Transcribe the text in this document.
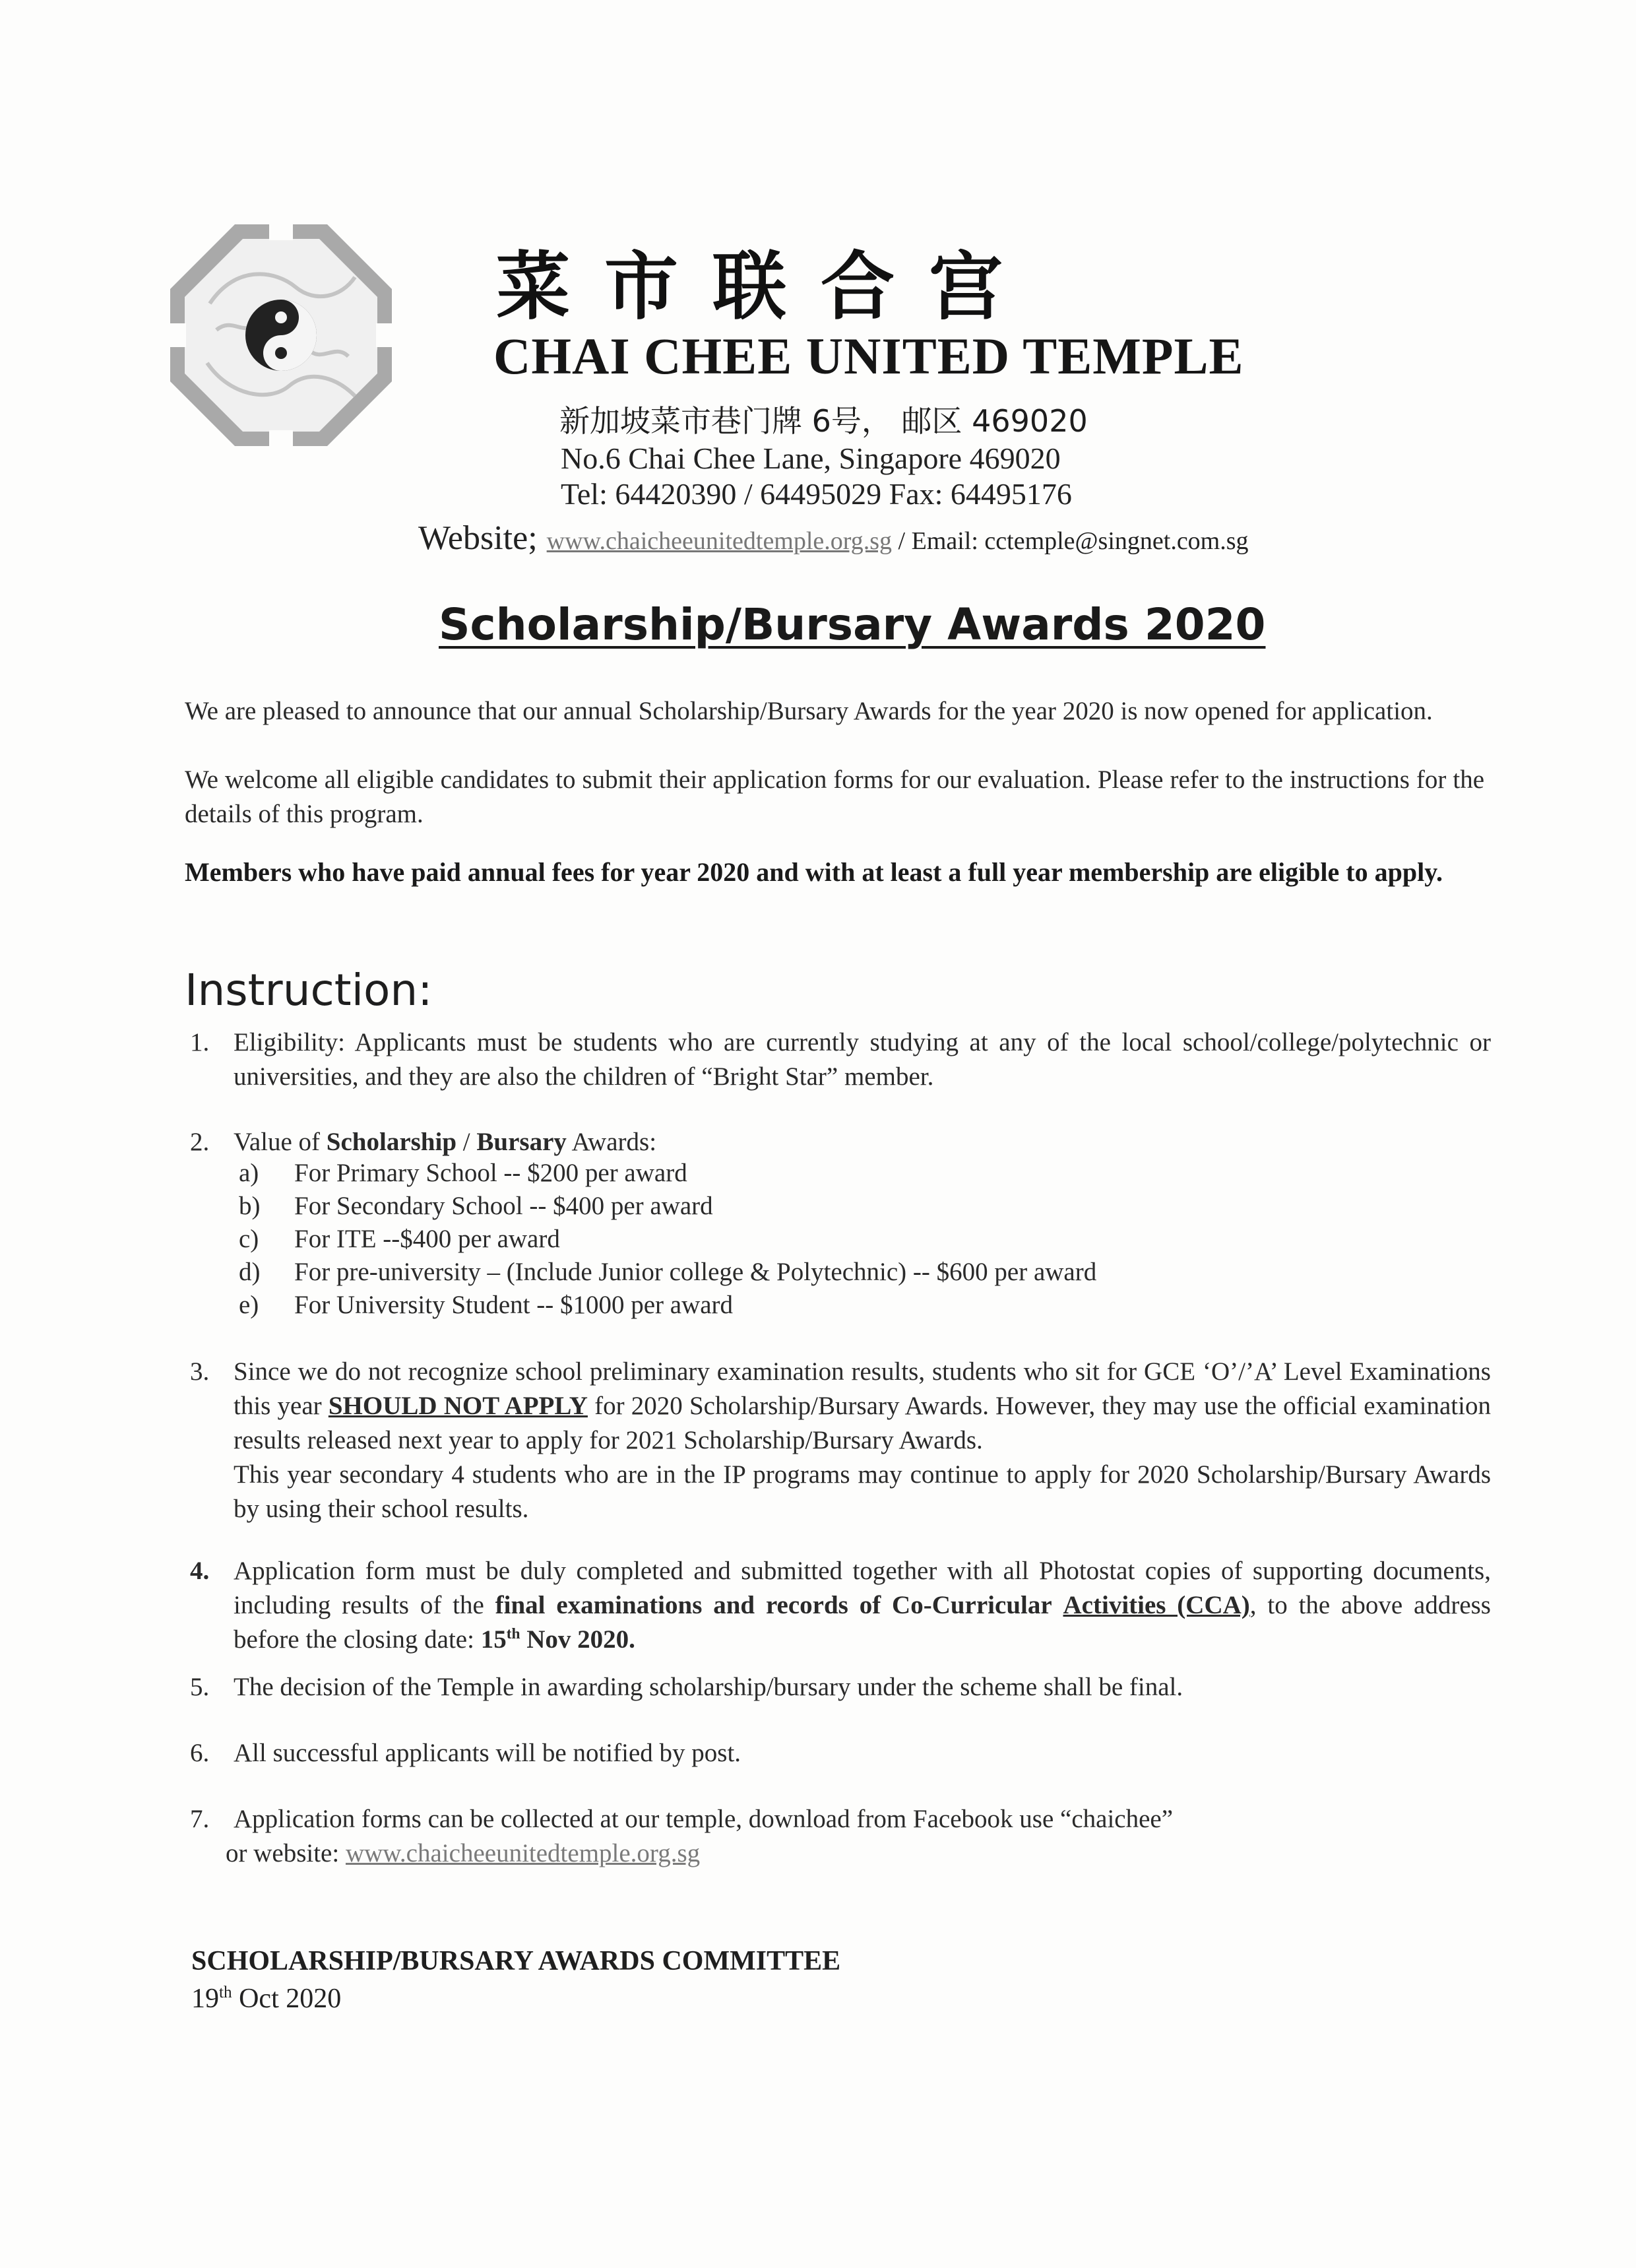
菜市联合宫
CHAI CHEE UNITED TEMPLE
新加坡菜市巷门牌 6号， 邮区 469020
No.6 Chai Chee Lane, Singapore 469020
Tel: 64420390 / 64495029 Fax: 64495176
Website; www.chaicheeunitedtemple.org.sg / Email: cctemple@singnet.com.sg
Scholarship/Bursary Awards 2020
We are pleased to announce that our annual Scholarship/Bursary Awards for the year 2020 is now opened for application.
We welcome all eligible candidates to submit their application forms for our evaluation. Please refer to the instructions for the details of this program.
Members who have paid annual fees for year 2020 and with at least a full year membership are eligible to apply.
Instruction:
1. Eligibility: Applicants must be students who are currently studying at any of the local school/college/polytechnic or universities, and they are also the children of “Bright Star” member.
2. Value of Scholarship / Bursary Awards:
a) For Primary School -- $200 per award
b) For Secondary School -- $400 per award
c) For ITE --$400 per award
d) For pre-university – (Include Junior college & Polytechnic) -- $600 per award
e) For University Student -- $1000 per award
3. Since we do not recognize school preliminary examination results, students who sit for GCE ‘O’/’A’ Level Examinations this year SHOULD NOT APPLY for 2020 Scholarship/Bursary Awards. However, they may use the official examination results released next year to apply for 2021 Scholarship/Bursary Awards.
This year secondary 4 students who are in the IP programs may continue to apply for 2020 Scholarship/Bursary Awards by using their school results.
4. Application form must be duly completed and submitted together with all Photostat copies of supporting documents, including results of the final examinations and records of Co-Curricular Activities (CCA), to the above address before the closing date: 15th Nov 2020.
5. The decision of the Temple in awarding scholarship/bursary under the scheme shall be final.
6. All successful applicants will be notified by post.
7. Application forms can be collected at our temple, download from Facebook use “chaichee”
or website: www.chaicheeunitedtemple.org.sg
SCHOLARSHIP/BURSARY AWARDS COMMITTEE
19th Oct 2020
